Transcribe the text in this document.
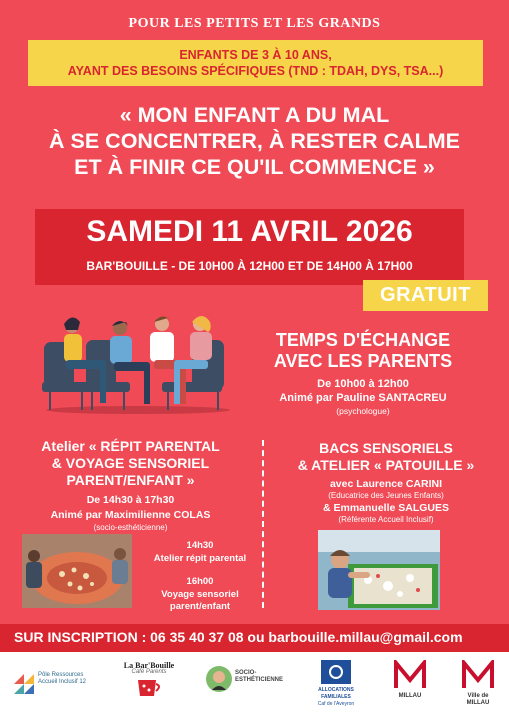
POUR LES PETITS ET LES GRANDS
ENFANTS DE 3 À 10 ANS,
AYANT DES BESOINS SPÉCIFIQUES (TND : TDAH, DYS, TSA...)
« MON ENFANT A DU MAL
À SE CONCENTRER, À RESTER CALME
ET À FINIR CE QU'IL COMMENCE »
SAMEDI 11 AVRIL 2026
BAR'BOUILLE - DE 10H00 À 12H00 ET DE 14H00 À 17H00
GRATUIT
TEMPS D'ÉCHANGE
AVEC LES PARENTS
De 10h00 à 12h00
Animé par Pauline SANTACREU
(psychologue)
Atelier « RÉPIT PARENTAL
& VOYAGE SENSORIEL
PARENT/ENFANT »
De 14h30 à 17h30
Animé par Maximilienne COLAS
(socio-esthéticienne)
14h30
Atelier répit parental
16h00
Voyage sensoriel
parent/enfant
BACS SENSORIELS
& ATELIER « PATOUILLE »
avec Laurence CARINI
(Educatrice des Jeunes Enfants)
& Emmanuelle SALGUES
(Référente Accueil Inclusif)
SUR INSCRIPTION : 06 35 40 37 08 ou barbouille.millau@gmail.com
Pôle Ressources Accueil Inclusif 12
La Bar'Bouille
Café Parents	SOCIO-ESTHÉTICIENNE
ALLOCATIONS FAMILIALES
Caf de l'Aveyron
MILLAU	Ville de MILLAU
